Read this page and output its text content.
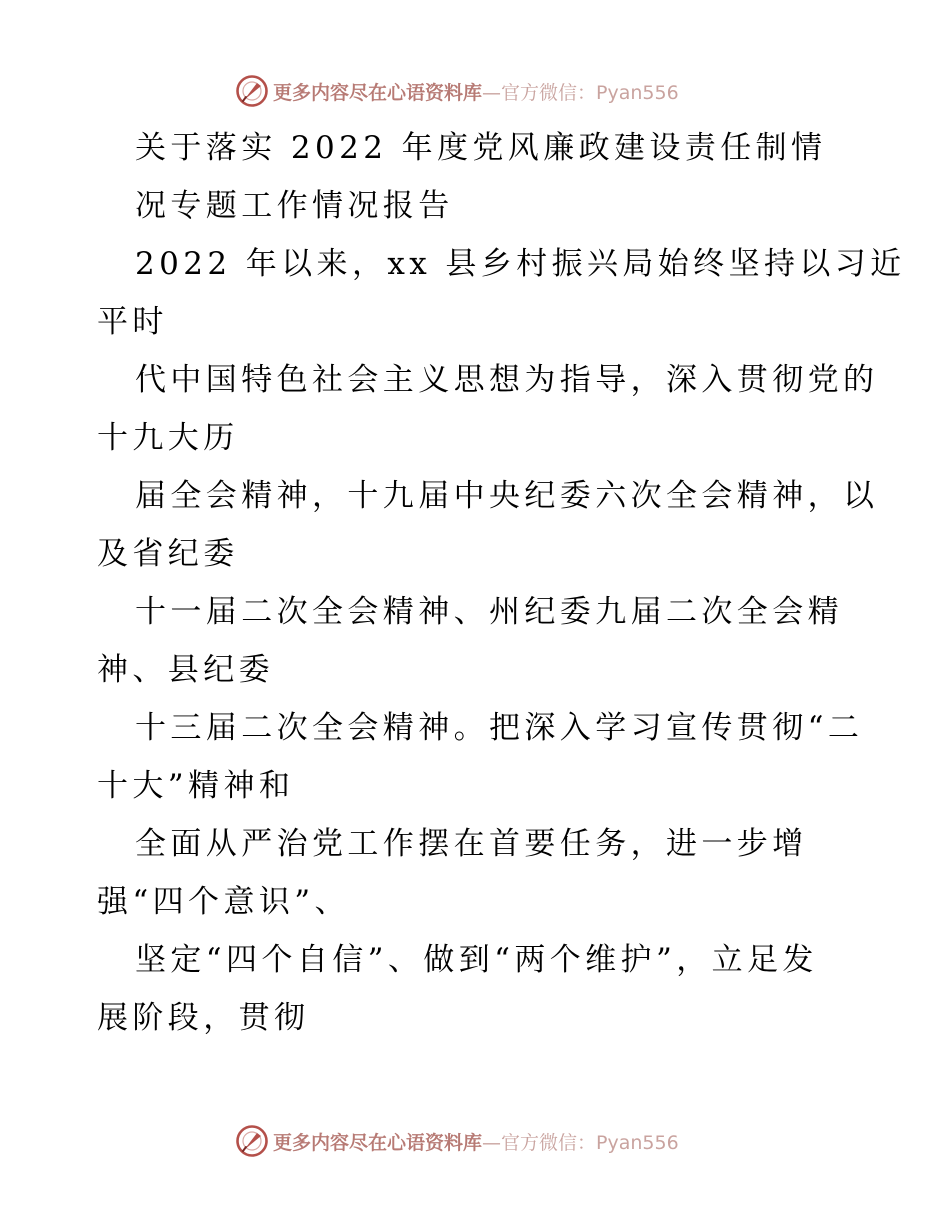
更多内容尽在心语资料库—官方微信：Pyan556
关于落实 2022 年度党风廉政建设责任制情
况专题工作情况报告
2022 年以来，xx 县乡村振兴局始终坚持以习近
平时
代中国特色社会主义思想为指导，深入贯彻党的
十九大历
届全会精神，十九届中央纪委六次全会精神，以
及省纪委
十一届二次全会精神、州纪委九届二次全会精
神、县纪委
十三届二次全会精神。把深入学习宣传贯彻“二
十大”精神和
全面从严治党工作摆在首要任务，进一步增
强“四个意识”、
坚定“四个自信”、做到“两个维护”，立足发
展阶段，贯彻
更多内容尽在心语资料库—官方微信：Pyan556
